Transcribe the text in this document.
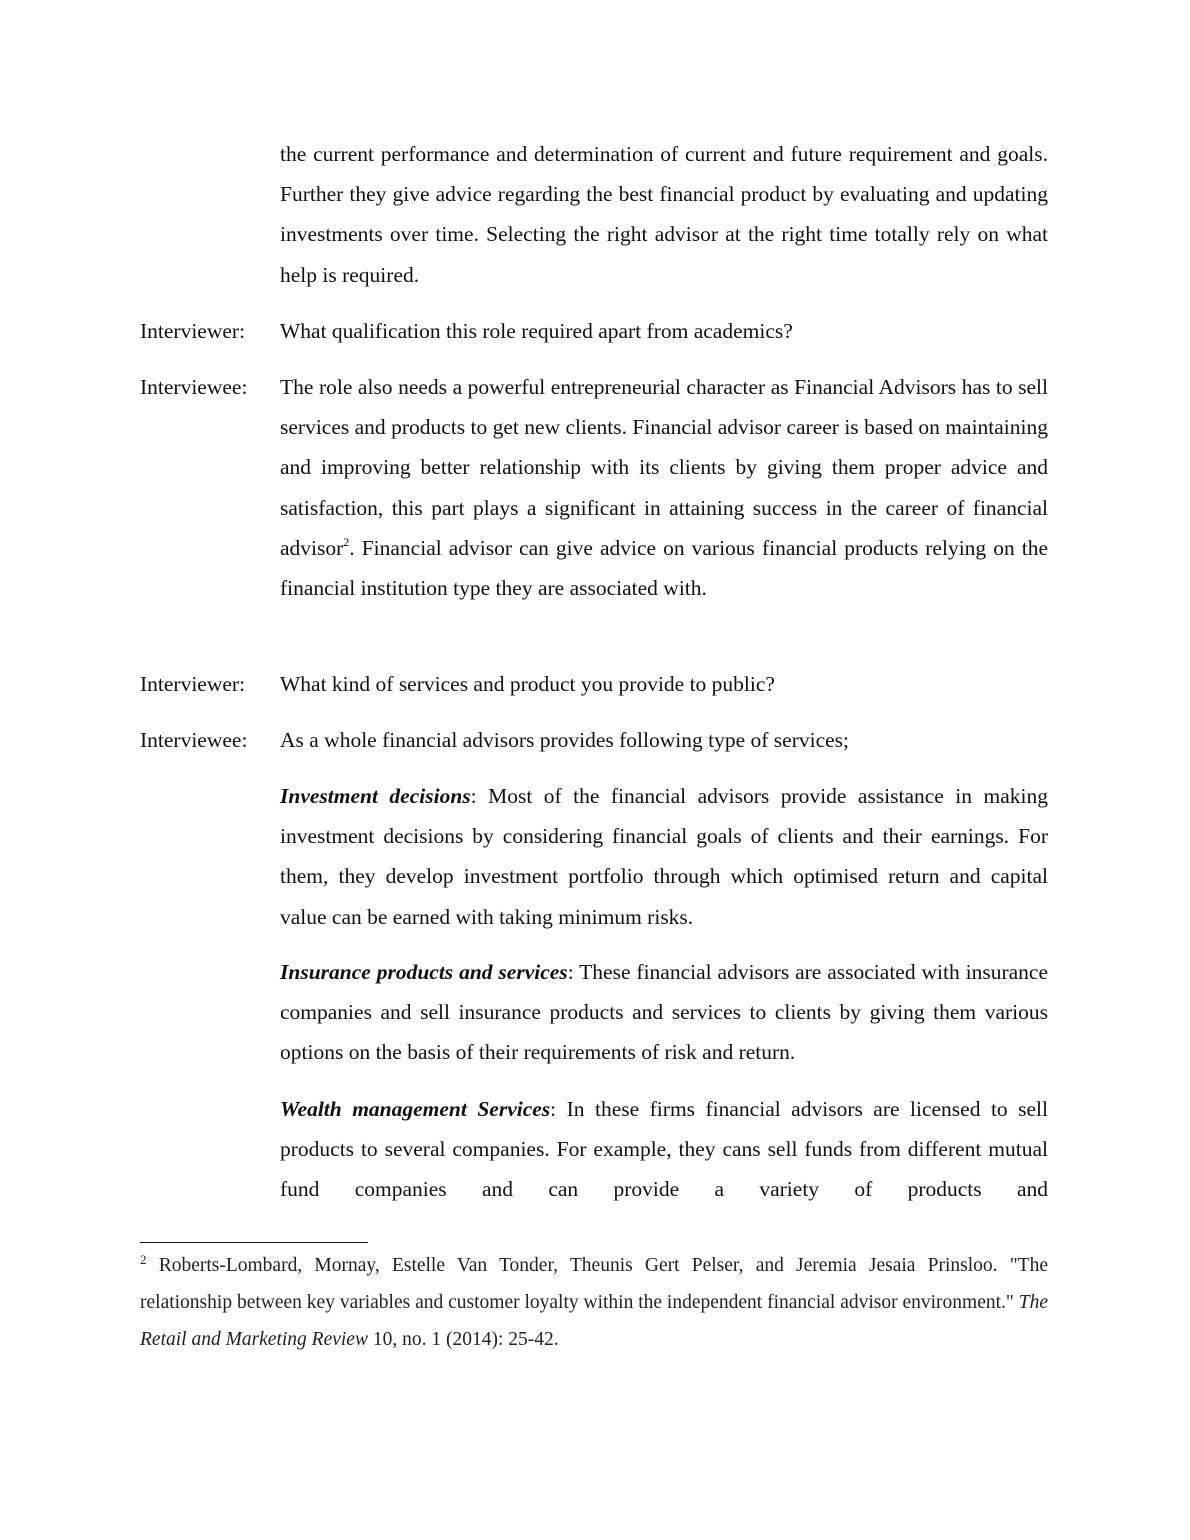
the current performance and determination of current and future requirement and goals. Further they give advice regarding the best financial product by evaluating and updating investments over time. Selecting the right advisor at the right time totally rely on what help is required.

Interviewer:	What qualification this role required apart from academics?

Interviewee:	The role also needs a powerful entrepreneurial character as Financial Advisors has to sell services and products to get new clients. Financial advisor career is based on maintaining and improving better relationship with its clients by giving them proper advice and satisfaction, this part plays a significant in attaining success in the career of financial advisor$^2$. Financial advisor can give advice on various financial products relying on the financial institution type they are associated with.

Interviewer:	What kind of services and product you provide to public?

Interviewee:	As a whole financial advisors provides following type of services;

Investment decisions: Most of the financial advisors provide assistance in making investment decisions by considering financial goals of clients and their earnings. For them, they develop investment portfolio through which optimised return and capital value can be earned with taking minimum risks.

Insurance products and services: These financial advisors are associated with insurance companies and sell insurance products and services to clients by giving them various options on the basis of their requirements of risk and return.

Wealth management Services: In these firms financial advisors are licensed to sell products to several companies. For example, they cans sell funds from different mutual fund companies and can provide a variety of products and

$^2$ Roberts-Lombard, Mornay, Estelle Van Tonder, Theunis Gert Pelser, and Jeremia Jesaia Prinsloo. "The relationship between key variables and customer loyalty within the independent financial advisor environment." The Retail and Marketing Review 10, no. 1 (2014): 25-42.
